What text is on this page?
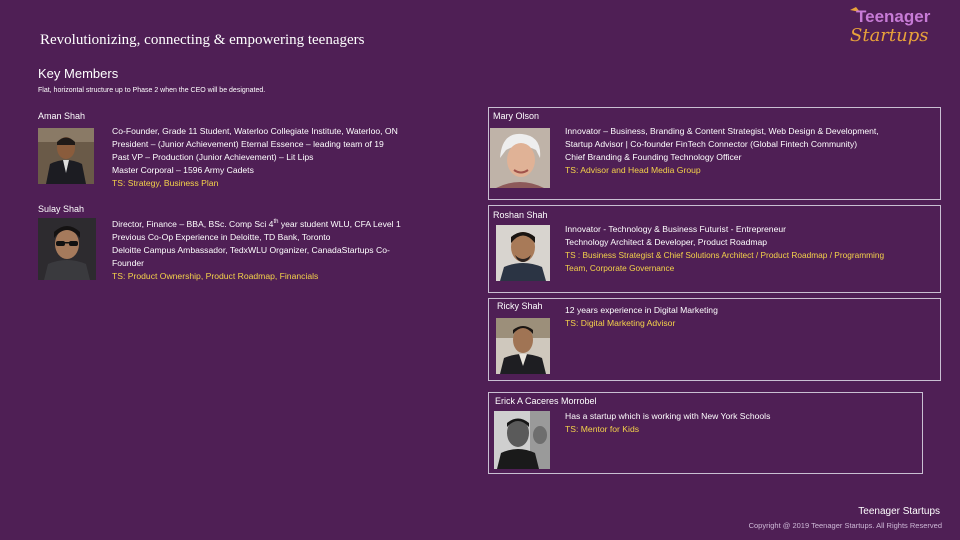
Revolutionizing, connecting & empowering teenagers
Key Members
Flat, horizontal structure up to Phase 2 when the CEO will be designated.
Teenager
Startups
Aman Shah
Co-Founder, Grade 11 Student, Waterloo Collegiate Institute, Waterloo, ON
President – (Junior Achievement) Eternal Essence – leading team of 19
Past VP – Production (Junior Achievement) – Lit Lips
Master Corporal – 1596 Army Cadets
TS: Strategy, Business Plan
Sulay Shah
Director, Finance – BBA, BSc. Comp Sci 4th year student WLU, CFA Level 1
Previous Co-Op Experience in Deloitte, TD Bank, Toronto
Deloitte Campus Ambassador, TedxWLU Organizer, CanadaStartups Co-
Founder
TS: Product Ownership, Product Roadmap, Financials
Mary Olson
Innovator – Business, Branding & Content Strategist, Web Design & Development,
Startup Advisor | Co-founder FinTech Connector (Global Fintech Community)
Chief Branding & Founding Technology Officer
TS: Advisor and Head Media Group
Roshan Shah
Innovator - Technology & Business Futurist - Entrepreneur
Technology Architect & Developer, Product Roadmap
TS : Business Strategist & Chief Solutions Architect / Product Roadmap / Programming
Team, Corporate Governance
Ricky Shah	12 years experience in Digital Marketing
TS: Digital Marketing Advisor
Erick A Caceres Morrobel
Has a startup which is working with New York Schools
TS: Mentor for Kids
Teenager Startups
Copyright @ 2019 Teenager Startups. All Rights Reserved
